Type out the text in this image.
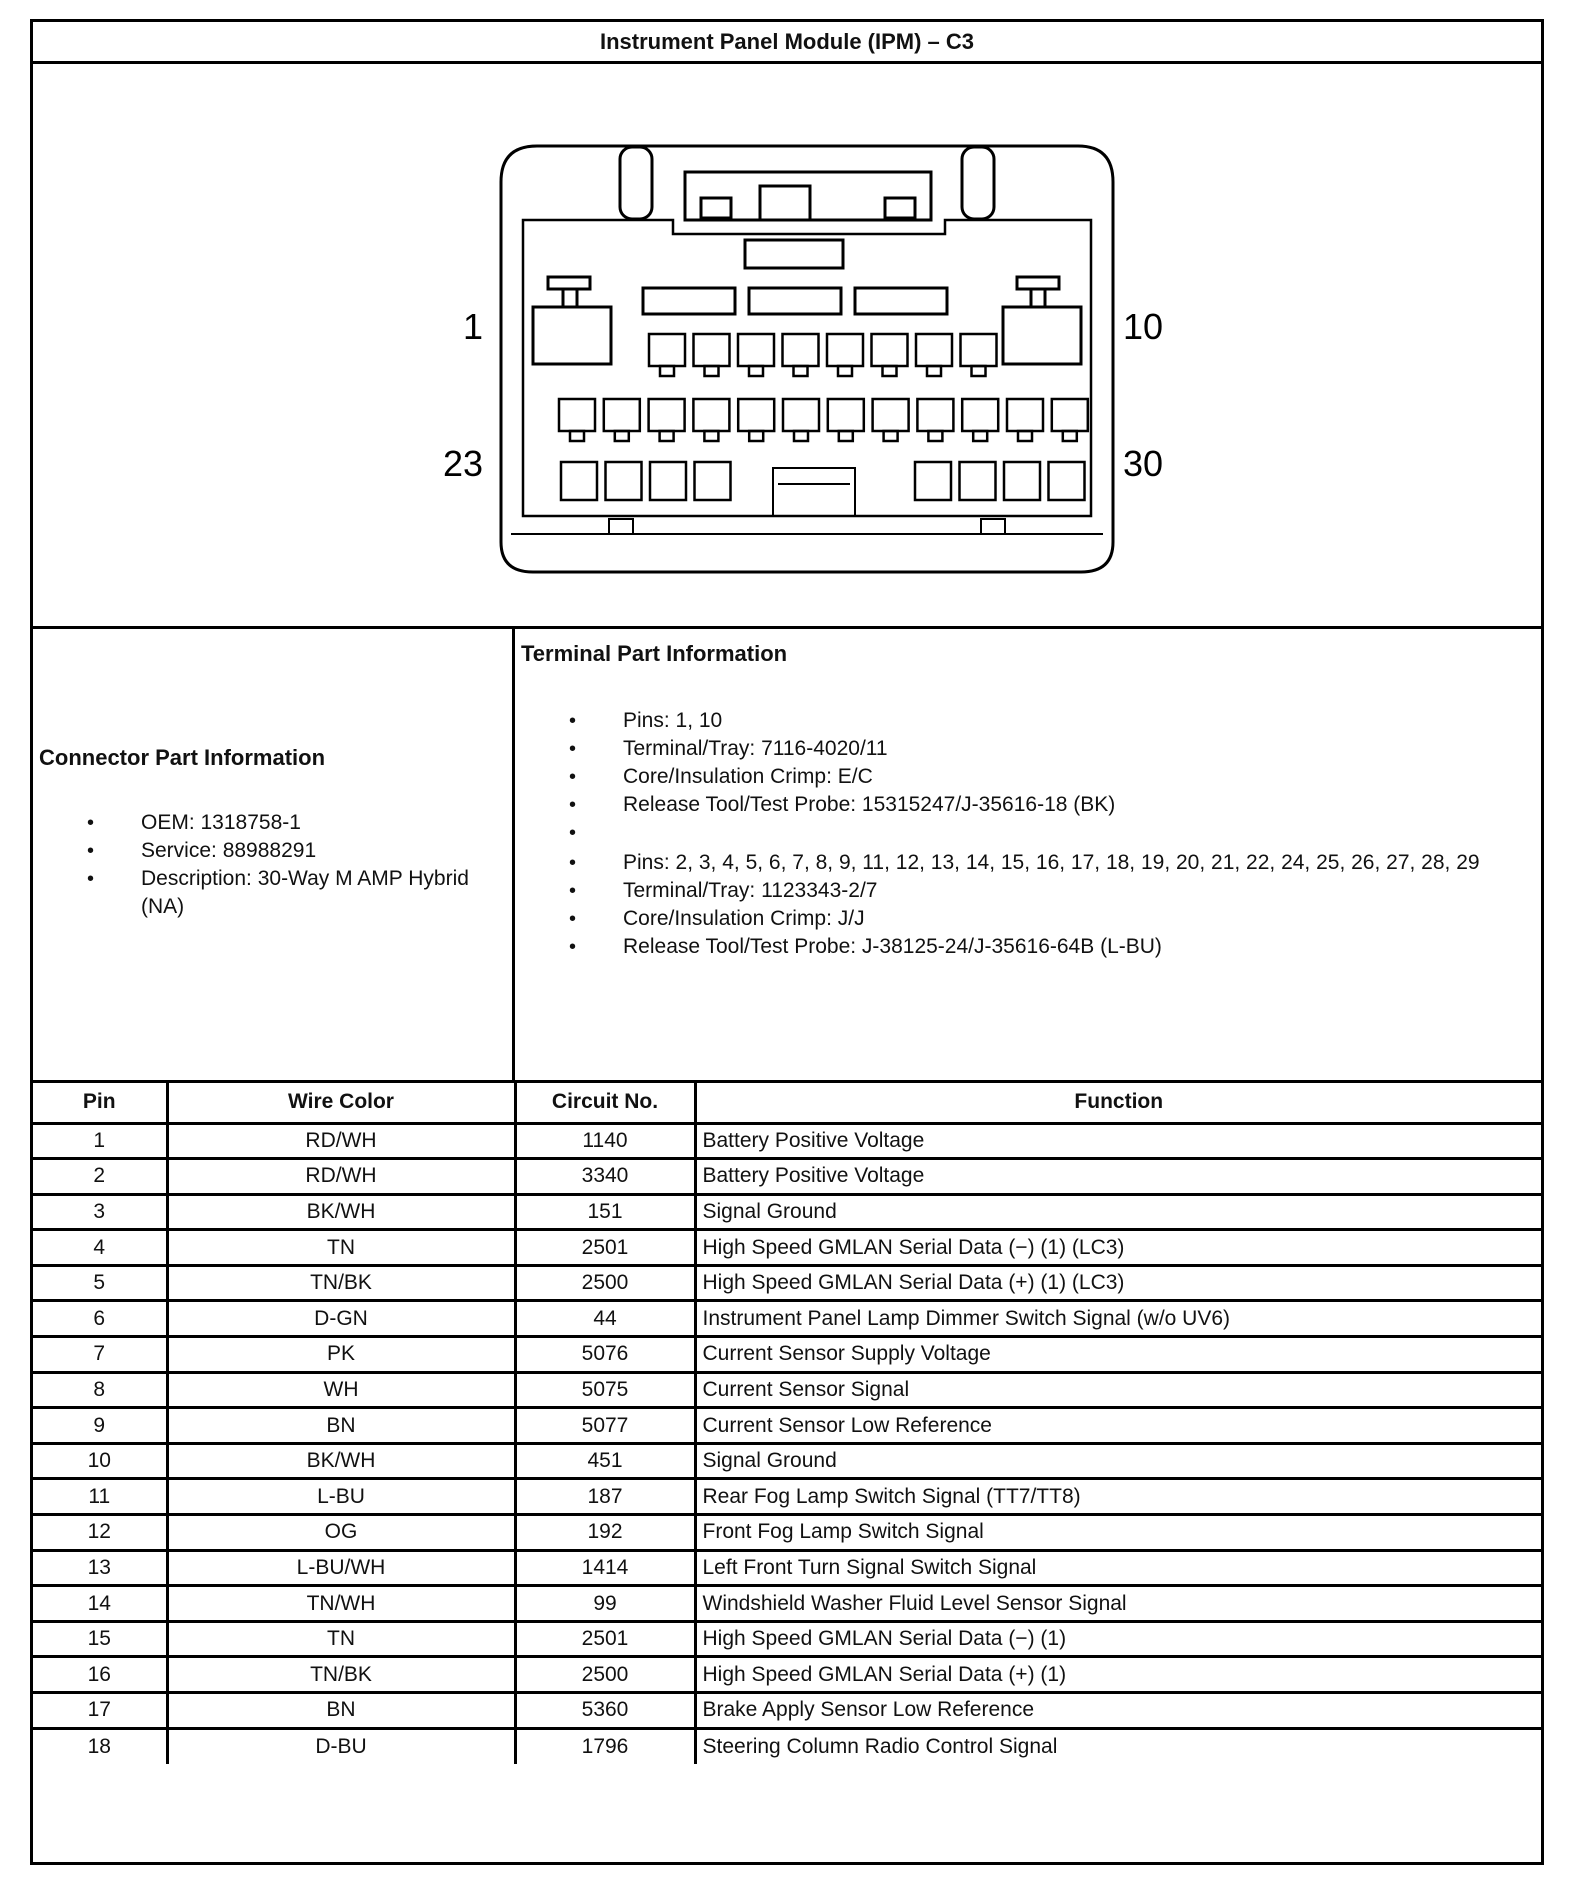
Instrument Panel Module (IPM) – C3
1	10
23	30
Connector Part Information
• OEM: 1318758-1
• Service: 88988291
• Description: 30-Way M AMP Hybrid (NA)
Terminal Part Information
• Pins: 1, 10
• Terminal/Tray: 7116-4020/11
• Core/Insulation Crimp: E/C
• Release Tool/Test Probe: 15315247/J-35616-18 (BK)
•
• Pins: 2, 3, 4, 5, 6, 7, 8, 9, 11, 12, 13, 14, 15, 16, 17, 18, 19, 20, 21, 22, 24, 25, 26, 27, 28, 29
• Terminal/Tray: 1123343-2/7
• Core/Insulation Crimp: J/J
• Release Tool/Test Probe: J-38125-24/J-35616-64B (L-BU)
Pin	Wire Color	Circuit No.	Function
1	RD/WH	1140	Battery Positive Voltage
2	RD/WH	3340	Battery Positive Voltage
3	BK/WH	151	Signal Ground
4	TN	2501	High Speed GMLAN Serial Data (−) (1) (LC3)
5	TN/BK	2500	High Speed GMLAN Serial Data (+) (1) (LC3)
6	D-GN	44	Instrument Panel Lamp Dimmer Switch Signal (w/o UV6)
7	PK	5076	Current Sensor Supply Voltage
8	WH	5075	Current Sensor Signal
9	BN	5077	Current Sensor Low Reference
10	BK/WH	451	Signal Ground
11	L-BU	187	Rear Fog Lamp Switch Signal (TT7/TT8)
12	OG	192	Front Fog Lamp Switch Signal
13	L-BU/WH	1414	Left Front Turn Signal Switch Signal
14	TN/WH	99	Windshield Washer Fluid Level Sensor Signal
15	TN	2501	High Speed GMLAN Serial Data (−) (1)
16	TN/BK	2500	High Speed GMLAN Serial Data (+) (1)
17	BN	5360	Brake Apply Sensor Low Reference
18	D-BU	1796	Steering Column Radio Control Signal
